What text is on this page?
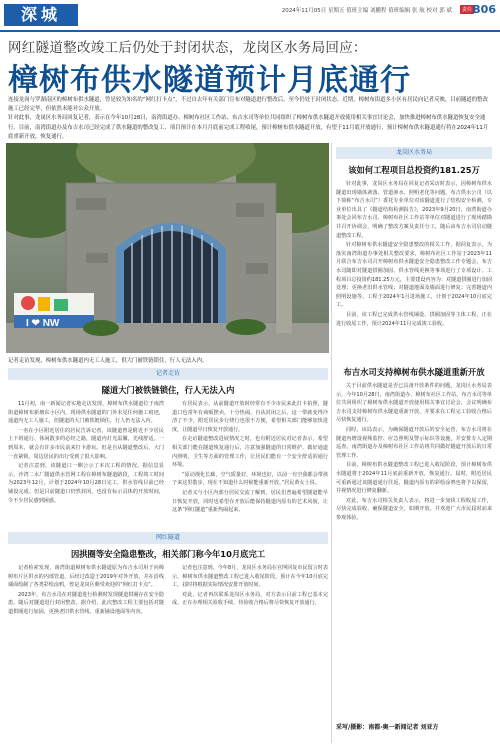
深城	2024年11月05日 星期五 值班主编 刘鹏程 值班编辑 张 航 校对 郭 斌	责任 B06
网红隧道整改竣工后仍处于封闭状态，龙岗区水务局回应：
樟树布供水隧道预计月底通行

连接龙岗与罗湖南区的樟树布供水隧道，曾是较为知名的“网红打卡点”，不过自去年有关部门宣布对隧道进行整改后，至今仍处于封闭状态。近期，樟树布街道多小区有居民向记者反映，目前隧道的整改施工已经完毕，但依然未能对公众开放。

针对此事，龙岗区水务局回复记者，表示在今年10月28日，南湾街道办、樟树布社区工作站、布吉水司等单位共同组织了樟树布供水隧道开放使用相关事宜讨论会，加快推进樟树布供水隧道恢复安全通行。目前，南湾街道办及布吉水司已经完成了供水隧道的整改复工，项目预计在本月月底前完成工程收尾，预计樟树布供水隧道开放，有望于11月底开放通行，预计樟树布供水隧道通行将在2024年11月底重新开放，恢复通行。

I ❤ NW
记者走访发现，樟树布供水隧道内无工人施工，供大门被铁链锁住，行人无法入内。
记者走访
隧道大门被铁链锁住，行人无法入内

11月初，南一新闻记者实地走访发现，樟树布供水隧道位于南湾街道樟树布新塘东小区内，现场供水隧道的门外未见任何施工痕迹，通道内无工人施工，但隧道的大门被铁链锁住，行人仍无法入内。

一名在小区附近居住的居民告诉记者，该隧道曾是附近不少居民上下班通行、休闲散步的必经之路，隧道内灯光温馨，光线舒适。一到周末，就会有许多市民前来打卡游玩。但是自从隧道整改后，大门一直紧锁，周边居民的出行受到了很大影响。

记者注意到，该隧道口一侧公示了本次工程的情况。据信息显示，沙湾二水厂隧道供水管网工程在樟树布隧道路段，工程竣工时间为2023年12月，计划于2024年10月28日完工，供水管线目前已经铺设完成。但是目前隧道口仍然封闭，也没有标示具体的开放时间，令不少居民感到困惑。

有居民表示，从前隧道开放时经常有不少市民来此打卡拍照，隧道口也常年有商贩摆卖，十分热闹。自从封闭之后，这一带就变得冷清了不少，附近居民步行绕行也很不方便，希望相关部门能够加快进度，让隧道早日恢复开放通行。

在走访隧道整改进展情况之时，也有附近居民对记者表示，希望相关部门能在隧道恢复通行后，注意加强隧道的日常维护，做好通道内照明、卫生等方面的管理工作，让居民们能有一个安全舒适的通行环境。

“原动漫化长廊，空气质量好，环境也好，以前一有空我都会带孩子来这里散步，现在不知道什么时候能重新开放。”居民黄女士说。

记者又与小区内部分居民交流了解到，居民们普遍希望隧道能早日恢复开放，同时也希望在开放后能保持隧道内原有的艺术风貌，让这条“网红隧道”重新热闹起来。

网红隧道
因拱圈等安全隐患整改，相关部门称今年10月底完工

记者检索发现，南湾街道樟树布供水隧道原为布吉水司用于向樟树布片区供水的内部管道，后经过改造于2019年对外开放，并在沿线墙面绘制了各类彩绘涂鸦，曾是龙岗区颇受欢迎的“网红打卡点”。

2023年，布吉水司在对隧道进行检测时发现隧道拱圈存在安全隐患，随后对隧道进行封闭整改。据介绍，此次整改工程主要包括对隧道拱圈进行加固、更换老旧供水管线、重新铺设地面等内容。

记者也注意到，今年8月，龙岗区水务局在官网回复市民留言时表示，樟树布供水隧道整改工程已进入收尾阶段，预计在今年10月底完工，届时将根据实际情况安排开放时间。

对此，记者再次联系龙岗区水务局，对方表示目前工程已基本完成，正在办理相关验收手续，待验收合格后将尽快恢复开放通行。

龙岗区水务局
该如何工程项目总投资约181.25万

针对此事，龙岗区水务局在回复记者采访时表示，因樟树布供水隧道出现墙体剥落、管道渗水、照明老化等问题，布吉供水公司（以下简称“布吉水司”）委托专业单位对该隧道进行了结构安全检测，专业单位出具了《隧道结构检测报告》，2023年9月20日，南湾街道办事处会同布吉水司、樟树布社区工作站等单位对隧道进行了现场踏勘并召开协调会，明确了整改方案及责任分工，随后由布吉水司启动隧道整改工程。

针对樟树布供水隧道安全隐患整改的相关工作，据回复表示，为落实南湾街道办事处相关整改要求，樟树布社区工作站于2023年11月联合布吉水司召开樟树布供水隧道安全隐患整改工作专题会，布吉水司随即对隧道拱圈加固、供水管线更换等事项进行了专项设计。工程项目总投资约181.25万元，主要建设内容为：对隧道拱圈进行加固处理；更换老旧供水管线；对隧道地面及墙面进行修复；完善隧道内照明设施等。工程于2024年1月进场施工，计划于2024年10月底完工。

目前，该工程已完成供水管线铺设、拱圈加固等主体工程，正在进行收尾工作，预计2024年11月完成竣工验收。

布吉水司支持樟树布供水隧道重新开放

关于目前供水隧道是否已具备开放条件的问题，龙岗区水务局表示，今年10月28日，南湾街道办、樟树布社区工作站、布吉水司等单位共同组织了樟树布供水隧道开放使用相关事宜讨论会，会议明确布吉水司支持樟树布供水隧道重新开放，并要求在工程完工验收合格后尽快恢复通行。

同时，该局表示，为确保隧道开放后的安全运营，布吉水司将在隧道内增设视频监控、应急照明及警示标识等设施，并安排专人定期巡查。南湾街道办及樟树布社区工作站将共同做好隧道开放后的日常管理工作。

目前，樟树布供水隧道整改工程已进入收尾阶段，预计樟树布供水隧道将于2024年11月底前重新开放，恢复通行。届时，附近居民可重新通过该隧道通行往返，隧道内原有的彩绘涂鸦也将予以保留，并视情况进行修复翻新。

对此，布吉水司相关负责人表示，将进一步加快工程收尾工作，尽快完成验收，确保隧道安全、如期开放，并欢迎广大市民届时前来参观体验。

采写/摄影：南都·奥一新闻记者 刘亚方
